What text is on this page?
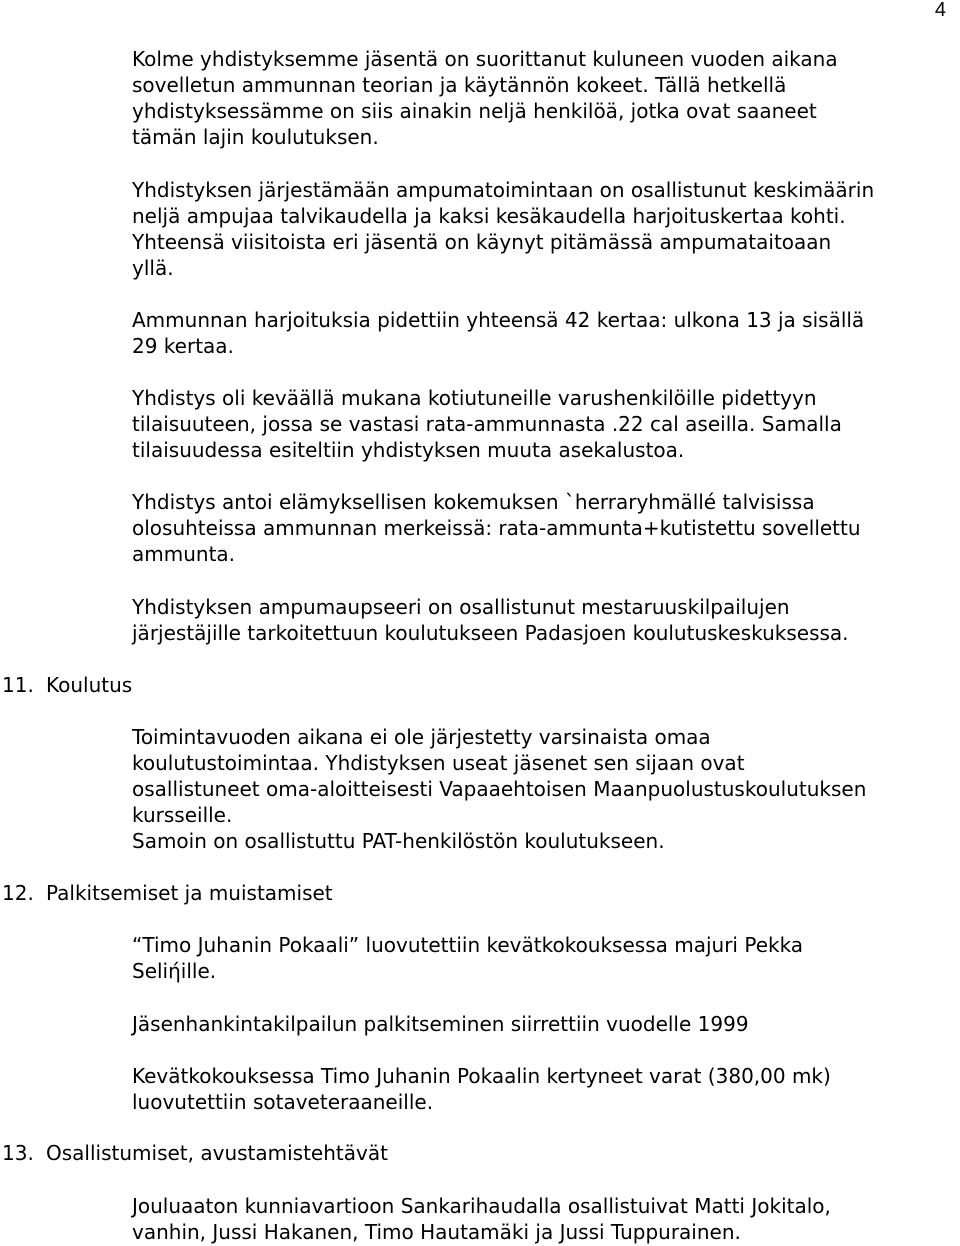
4

Kolme yhdistyksemme jäsentä on suorittanut kuluneen vuoden aikana
sovelletun ammunnan teorian ja käytännön kokeet. Tällä hetkellä
yhdistyksessämme on siis ainakin neljä henkilöä, jotka ovat saaneet
tämän lajin koulutuksen.

Yhdistyksen järjestämään ampumatoimintaan on osallistunut keskimäärin
neljä ampujaa talvikaudella ja kaksi kesäkaudella harjoituskertaa kohti.
Yhteensä viisitoista eri jäsentä on käynyt pitämässä ampumataitoaan
yllä.

Ammunnan harjoituksia pidettiin yhteensä 42 kertaa: ulkona 13 ja sisällä
29 kertaa.

Yhdistys oli keväällä mukana kotiutuneille varushenkilöille pidettyyn
tilaisuuteen, jossa se vastasi rata-ammunnasta .22 cal aseilla. Samalla
tilaisuudessa esiteltiin yhdistyksen muuta asekalustoa.

Yhdistys antoi elämyksellisen kokemuksen `herraryhmällé talvisissa
olosuhteissa ammunnan merkeissä: rata-ammunta+kutistettu sovellettu
ammunta.

Yhdistyksen ampumaupseeri on osallistunut mestaruuskilpailujen
järjestäjille tarkoitettuun koulutukseen Padasjoen koulutuskeskuksessa.

11. Koulutus

Toimintavuoden aikana ei ole järjestetty varsinaista omaa
koulutustoimintaa. Yhdistyksen useat jäsenet sen sijaan ovat
osallistuneet oma-aloitteisesti Vapaaehtoisen Maanpuolustuskoulutuksen
kursseille.
Samoin on osallistuttu PAT-henkilöstön koulutukseen.

12. Palkitsemiset ja muistamiset

“Timo Juhanin Pokaali” luovutettiin kevätkokouksessa majuri Pekka
Seliήille.

Jäsenhankintakilpailun palkitseminen siirrettiin vuodelle 1999

Kevätkokouksessa Timo Juhanin Pokaalin kertyneet varat (380,00 mk)
luovutettiin sotaveteraaneille.

13. Osallistumiset, avustamistehtävät

Jouluaaton kunniavartioon Sankarihaudalla osallistuivat Matti Jokitalo,
vanhin, Jussi Hakanen, Timo Hautamäki ja Jussi Tuppurainen.
